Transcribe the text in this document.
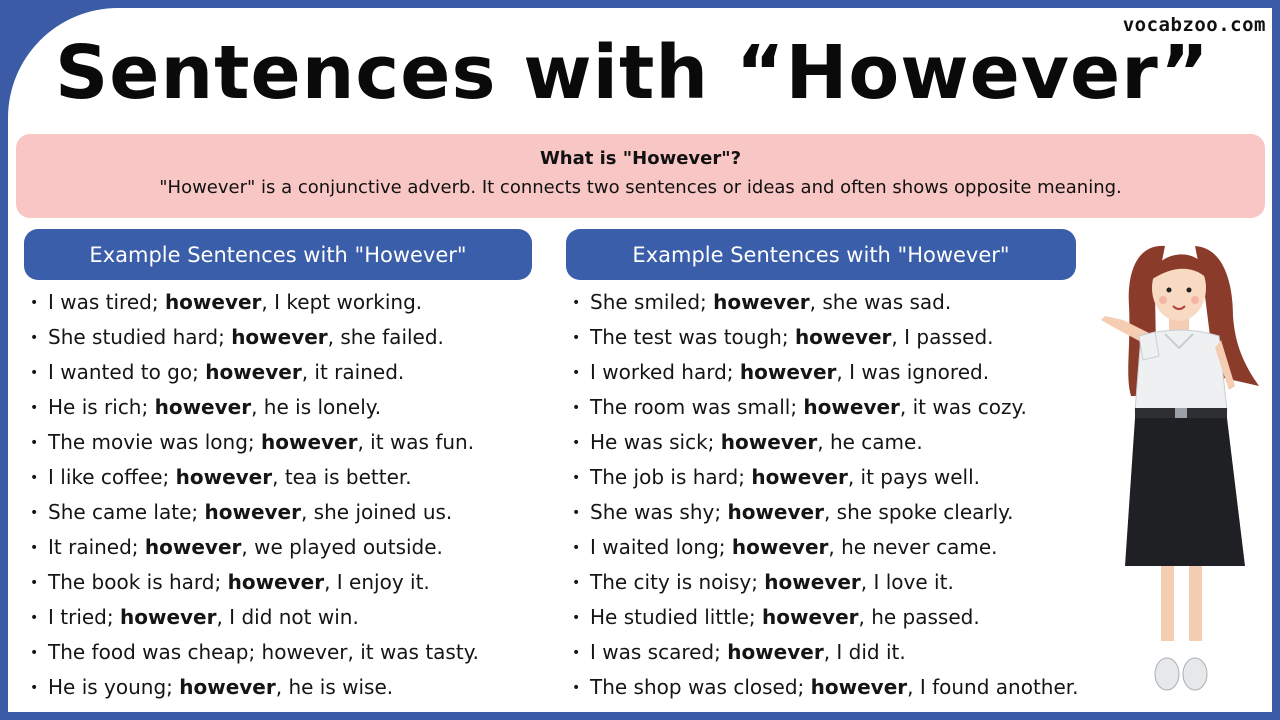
vocabzoo.com
Sentences with “However”
What is "However"?
"However" is a conjunctive adverb. It connects two sentences or ideas and often shows opposite meaning.
Example Sentences with "However"	Example Sentences with "However"
• I was tired; however, I kept working.
• She studied hard; however, she failed.
• I wanted to go; however, it rained.
• He is rich; however, he is lonely.
• The movie was long; however, it was fun.
• I like coffee; however, tea is better.
• She came late; however, she joined us.
• It rained; however, we played outside.
• The book is hard; however, I enjoy it.
• I tried; however, I did not win.
• The food was cheap; however, it was tasty.
• He is young; however, he is wise.
• She smiled; however, she was sad.
• The test was tough; however, I passed.
• I worked hard; however, I was ignored.
• The room was small; however, it was cozy.
• He was sick; however, he came.
• The job is hard; however, it pays well.
• She was shy; however, she spoke clearly.
• I waited long; however, he never came.
• The city is noisy; however, I love it.
• He studied little; however, he passed.
• I was scared; however, I did it.
• The shop was closed; however, I found another.
